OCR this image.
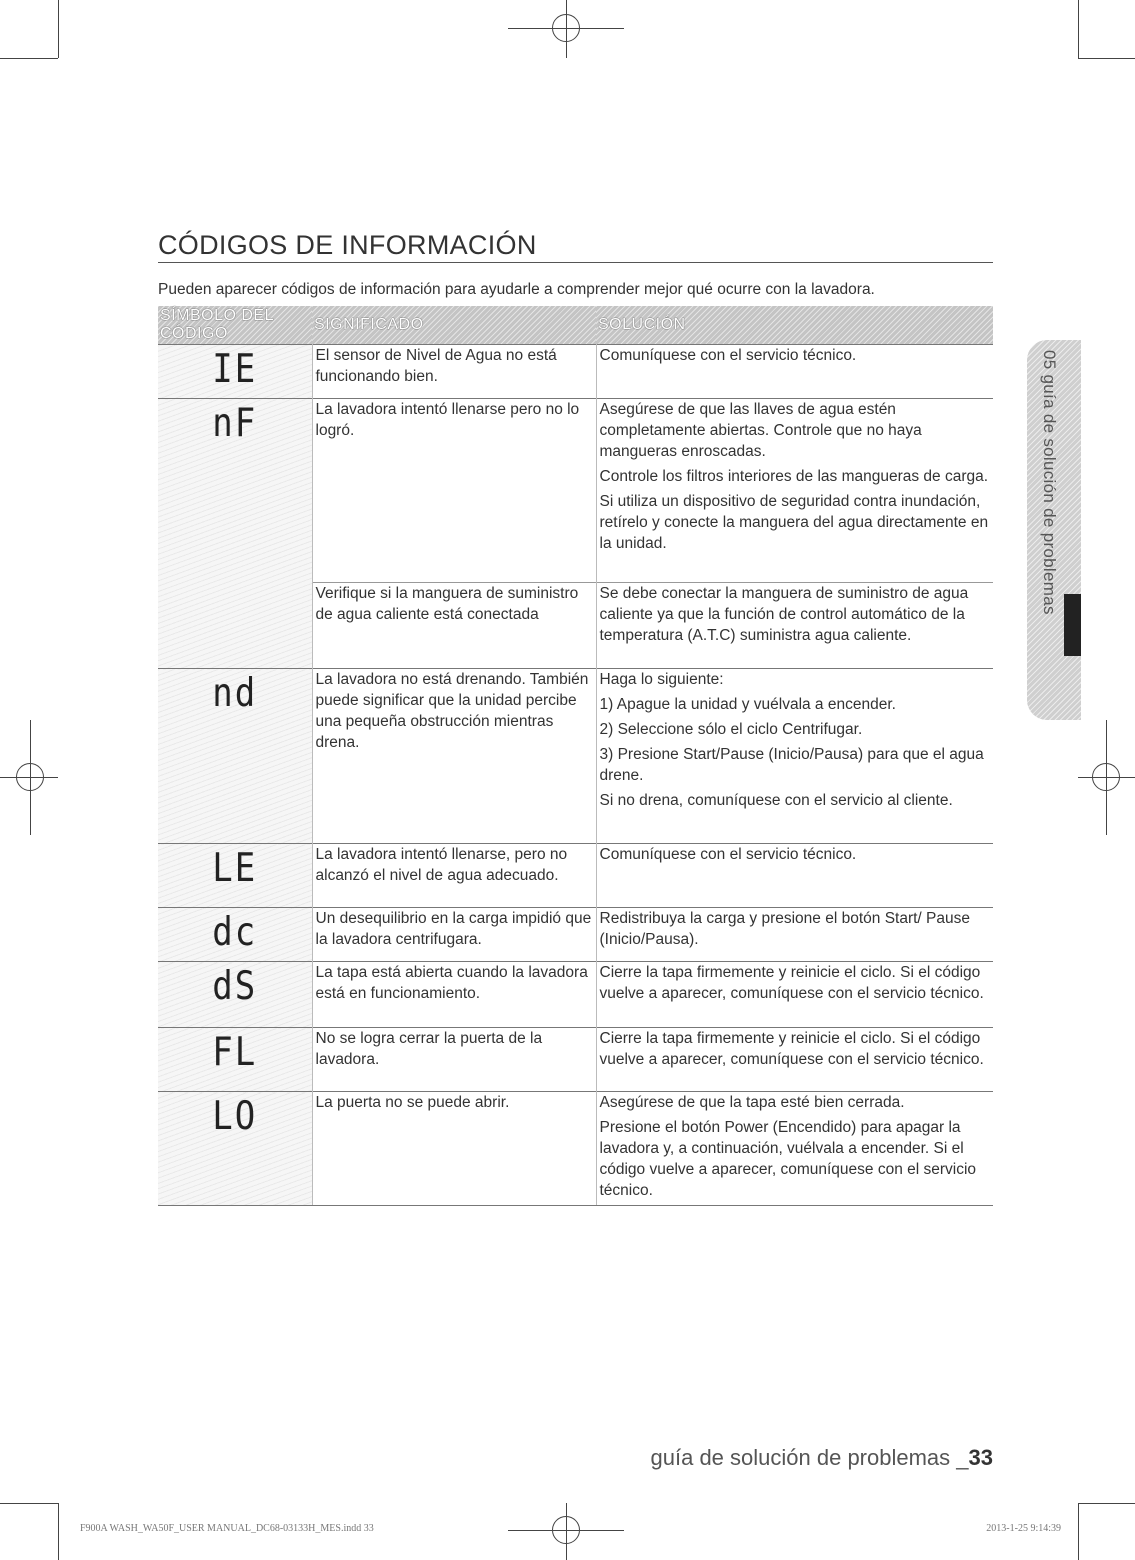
CÓDIGOS DE INFORMACIÓN

Pueden aparecer códigos de información para ayudarle a comprender mejor qué ocurre con la lavadora.

SÍMBOLO DEL CÓDIGO	SIGNIFICADO	SOLUCIÓN

IE	El sensor de Nivel de Agua no está funcionando bien.	Comuníquese con el servicio técnico.

nF	La lavadora intentó llenarse pero no lo logró.	Asegúrese de que las llaves de agua estén completamente abiertas. Controle que no haya mangueras enroscadas.

Controle los filtros interiores de las mangueras de carga.

Si utiliza un dispositivo de seguridad contra inundación, retírelo y conecte la manguera del agua directamente en la unidad.

	Verifique si la manguera de suministro de agua caliente está conectada	Se debe conectar la manguera de suministro de agua caliente ya que la función de control automático de la temperatura (A.T.C) suministra agua caliente.

nd	La lavadora no está drenando. También puede significar que la unidad percibe una pequeña obstrucción mientras drena.	Haga lo siguiente:

1) Apague la unidad y vuélvala a encender.

2) Seleccione sólo el ciclo Centrifugar.

3) Presione Start/Pause (Inicio/Pausa) para que el agua drene.

Si no drena, comuníquese con el servicio al cliente.

LE	La lavadora intentó llenarse, pero no alcanzó el nivel de agua adecuado.	Comuníquese con el servicio técnico.

dc	Un desequilibrio en la carga impidió que la lavadora centrifugara.	Redistribuya la carga y presione el botón Start/ Pause (Inicio/Pausa).

dS	La tapa está abierta cuando la lavadora está en funcionamiento.	Cierre la tapa firmemente y reinicie el ciclo. Si el código vuelve a aparecer, comuníquese con el servicio técnico.

FL	No se logra cerrar la puerta de la lavadora.	Cierre la tapa firmemente y reinicie el ciclo. Si el código vuelve a aparecer, comuníquese con el servicio técnico.

LO	La puerta no se puede abrir.	Asegúrese de que la tapa esté bien cerrada.

Presione el botón Power (Encendido) para apagar la lavadora y, a continuación, vuélvala a encender. Si el código vuelve a aparecer, comuníquese con el servicio técnico.

05 guía de solución de problemas
guía de solución de problemas _33
F900A WASH_WA50F_USER MANUAL_DC68-03133H_MES.indd 33	2013-1-25 9:14:39
